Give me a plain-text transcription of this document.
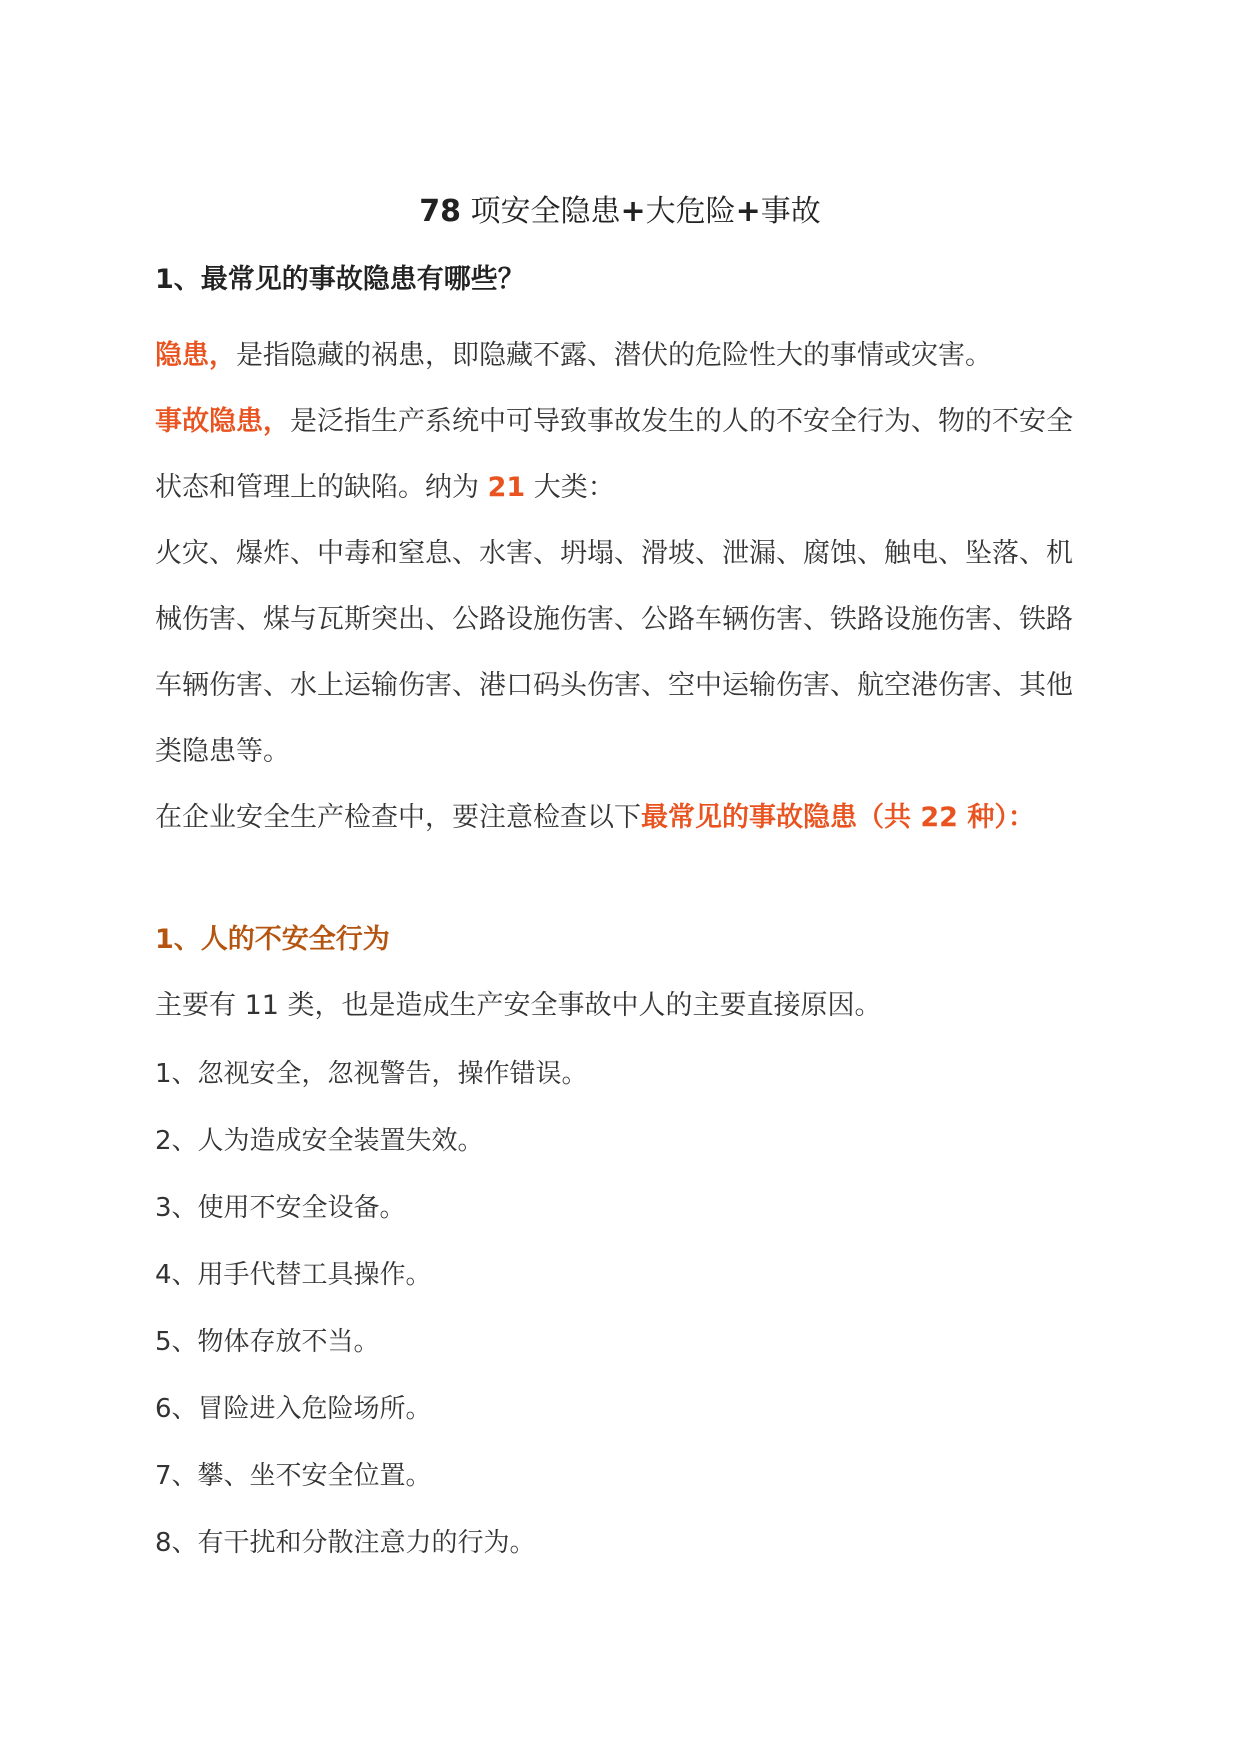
78 项安全隐患+大危险+事故
1、最常见的事故隐患有哪些？

隐患，是指隐藏的祸患，即隐藏不露、潜伏的危险性大的事情或灾害。

事故隐患，是泛指生产系统中可导致事故发生的人的不安全行为、物的不安全状态和管理上的缺陷。纳为 21 大类：

火灾、爆炸、中毒和窒息、水害、坍塌、滑坡、泄漏、腐蚀、触电、坠落、机械伤害、煤与瓦斯突出、公路设施伤害、公路车辆伤害、铁路设施伤害、铁路车辆伤害、水上运输伤害、港口码头伤害、空中运输伤害、航空港伤害、其他类隐患等。

在企业安全生产检查中，要注意检查以下最常见的事故隐患（共 22 种）：

1、人的不安全行为

主要有 11 类，也是造成生产安全事故中人的主要直接原因。

1、忽视安全，忽视警告，操作错误。
2、人为造成安全装置失效。
3、使用不安全设备。
4、用手代替工具操作。
5、物体存放不当。
6、冒险进入危险场所。
7、攀、坐不安全位置。
8、有干扰和分散注意力的行为。
